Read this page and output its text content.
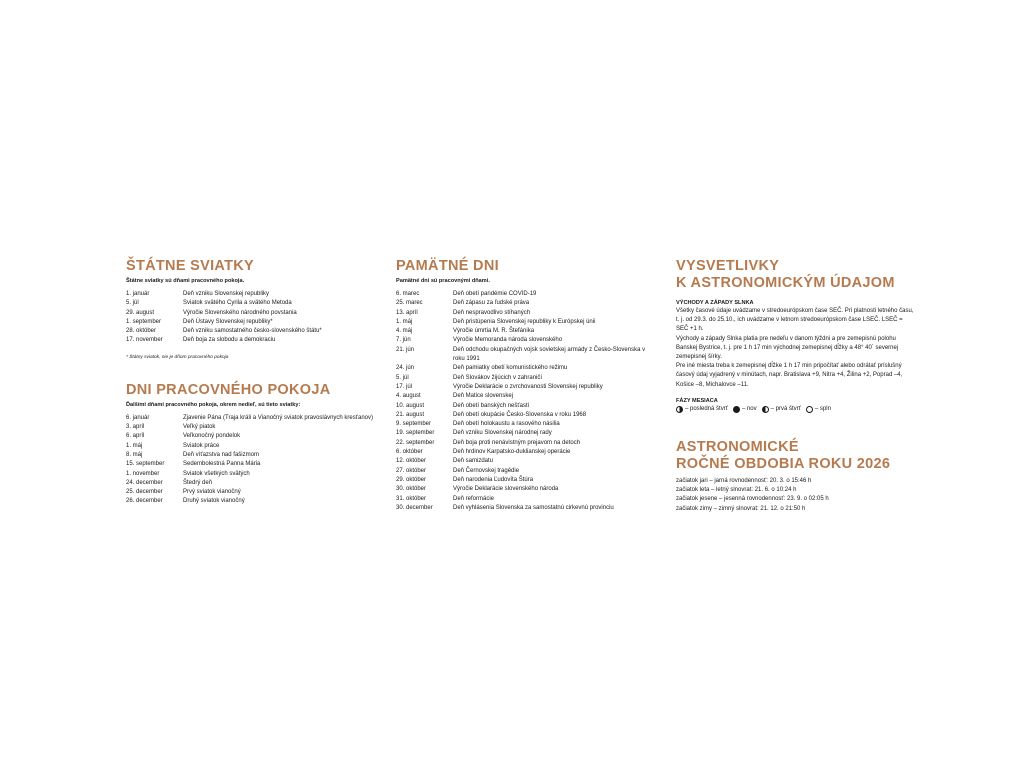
ŠTÁTNE SVIATKY
Štátne sviatky sú dňami pracovného pokoja.
1. január	Deň vzniku Slovenskej republiky
5. júl	Sviatok svätého Cyrila a svätého Metoda
29. august	Výročie Slovenského národného povstania
1. september	Deň Ústavy Slovenskej republiky*
28. október	Deň vzniku samostatného česko-slovenského štátu*
17. november	Deň boja za slobodu a demokraciu
* Štátny sviatok, nie je dňom pracovného pokoja
DNI PRACOVNÉHO POKOJA
Ďalšími dňami pracovného pokoja, okrem nedieľ, sú tieto sviatky:
6. január	Zjavenie Pána (Traja králi a Vianočný sviatok pravoslávnych kresťanov)
3. apríl	Veľký piatok
6. apríl	Veľkonočný pondelok
1. máj	Sviatok práce
8. máj	Deň víťazstva nad fašizmom
15. september	Sedembolestná Panna Mária
1. november	Sviatok všetkých svätých
24. december	Štedrý deň
25. december	Prvý sviatok vianočný
26. december	Druhý sviatok vianočný
PAMÄTNÉ DNI
Pamätné dni sú pracovnými dňami.
6. marec	Deň obetí pandémie COVID-19
25. marec	Deň zápasu za ľudské práva
13. apríl	Deň nespravodlivo stíhaných
1. máj	Deň pristúpenia Slovenskej republiky k Európskej únii
4. máj	Výročie úmrtia M. R. Štefánika
7. jún	Výročie Memoranda národa slovenského
21. jún	Deň odchodu okupačných vojsk sovietskej armády z Česko-Slovenska v roku 1991
24. jún	Deň pamiatky obetí komunistického režimu
5. júl	Deň Slovákov žijúcich v zahraničí
17. júl	Výročie Deklarácie o zvrchovanosti Slovenskej republiky
4. august	Deň Matice slovenskej
10. august	Deň obetí banských nešťastí
21. august	Deň obetí okupácie Česko-Slovenska v roku 1968
9. september	Deň obetí holokaustu a rasového násilia
19. september	Deň vzniku Slovenskej národnej rady
22. september	Deň boja proti nenávistným prejavom na detoch
6. október	Deň hrdinov Karpatsko-duklianskej operácie
12. október	Deň samizdatu
27. október	Deň Černovskej tragédie
29. október	Deň narodenia Ľudovíta Štúra
30. október	Výročie Deklarácie slovenského národa
31. október	Deň reformácie
30. december	Deň vyhlásenia Slovenska za samostatnú cirkevnú provinciu
VYSVETLIVKY
K ASTRONOMICKÝM ÚDAJOM
VÝCHODY A ZÁPADY SLNKA
Všetky časové údaje uvádzame v stredoeurópskom čase SEČ. Pri platnosti letného času, t. j. od 29.3. do 25.10., ich uvádzame v letnom stredoeurópskom čase LSEČ. LSEČ = SEČ +1 h.
Východy a západy Slnka platia pre nedeľu v danom týždni a pre zemepisnú polohu Banskej Bystrice, t. j. pre 1 h 17 min východnej zemepisnej dĺžky a 48° 40´ severnej zemepisnej šírky.
Pre iné miesta treba k zemepisnej dĺžke 1 h 17 min pripočítať alebo odrátať príslušný časový údaj vyjadrený v minútach, napr. Bratislava +9, Nitra +4, Žilina +2, Poprad –4, Košice –8, Michalovce –11.
FÁZY MESIACA
– posledná štvrť – nov – prvá štvrť – spln
ASTRONOMICKÉ
ROČNÉ OBDOBIA ROKU 2026
začiatok jari – jarná rovnodennosť: 20. 3. o 15:46 h
začiatok leta – letný slnovrat: 21. 6. o 10:24 h
začiatok jesene – jesenná rovnodennosť: 23. 9. o 02:05 h
začiatok zimy – zimný slnovrat: 21. 12. o 21:50 h
